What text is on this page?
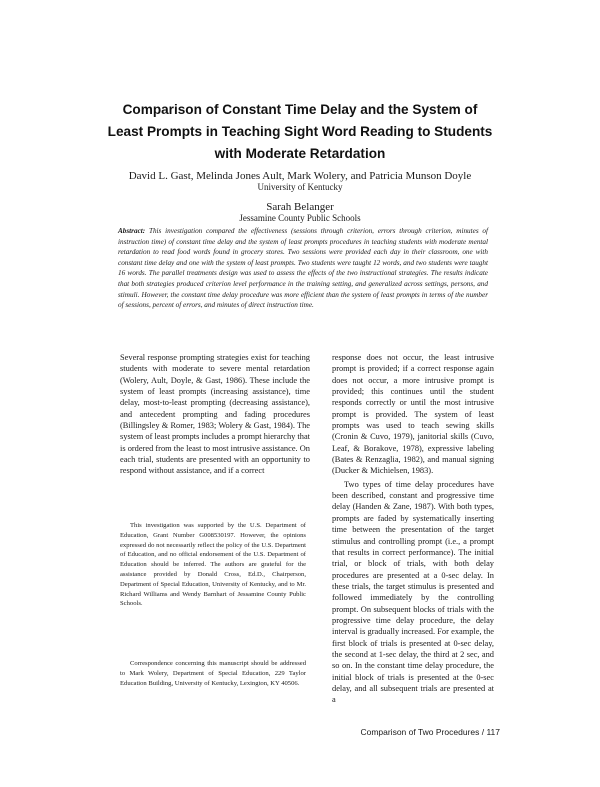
Comparison of Constant Time Delay and the System of
Least Prompts in Teaching Sight Word Reading to Students
with Moderate Retardation
David L. Gast, Melinda Jones Ault, Mark Wolery, and Patricia Munson Doyle
University of Kentucky
Sarah Belanger
Jessamine County Public Schools
Abstract: This investigation compared the effectiveness (sessions through criterion, errors through criterion, minutes of instruction time) of constant time delay and the system of least prompts procedures in teaching students with moderate mental retardation to read food words found in grocery stores. Two sessions were provided each day in their classroom, one with constant time delay and one with the system of least prompts. Two students were taught 12 words, and two students were taught 16 words. The parallel treatments design was used to assess the effects of the two instructional strategies. The results indicate that both strategies produced criterion level performance in the training setting, and generalized across settings, persons, and stimuli. However, the constant time delay procedure was more efficient than the system of least prompts in terms of the number of sessions, percent of errors, and minutes of direct instruction time.
Several response prompting strategies exist for teaching students with moderate to severe mental retardation (Wolery, Ault, Doyle, & Gast, 1986). These include the system of least prompts (increasing assistance), time delay, most-to-least prompting (decreasing assistance), and antecedent prompting and fading procedures (Billingsley & Romer, 1983; Wolery & Gast, 1984). The system of least prompts includes a prompt hierarchy that is ordered from the least to most intrusive assistance. On each trial, students are presented with an opportunity to respond without assistance, and if a correct
This investigation was supported by the U.S. Department of Education, Grant Number G008530197. However, the opinions expressed do not necessarily reflect the policy of the U.S. Department of Education, and no official endorsement of the U.S. Department of Education should be inferred. The authors are grateful for the assistance provided by Donald Cross, Ed.D., Chairperson, Department of Special Education, University of Kentucky, and to Mr. Richard Williams and Wendy Barnhart of Jessamine County Public Schools.
Correspondence concerning this manuscript should be addressed to Mark Wolery, Department of Special Education, 229 Taylor Education Building, University of Kentucky, Lexington, KY 40506.
response does not occur, the least intrusive prompt is provided; if a correct response again does not occur, a more intrusive prompt is provided; this continues until the student responds correctly or until the most intrusive prompt is provided. The system of least prompts was used to teach sewing skills (Cronin & Cuvo, 1979), janitorial skills (Cuvo, Leaf, & Borakove, 1978), expressive labeling (Bates & Renzaglia, 1982), and manual signing (Ducker & Michielsen, 1983).
Two types of time delay procedures have been described, constant and progressive time delay (Handen & Zane, 1987). With both types, prompts are faded by systematically inserting time between the presentation of the target stimulus and controlling prompt (i.e., a prompt that results in correct performance). The initial trial, or block of trials, with both delay procedures are presented at a 0-sec delay. In these trials, the target stimulus is presented and followed immediately by the controlling prompt. On subsequent blocks of trials with the progressive time delay procedure, the delay interval is gradually increased. For example, the first block of trials is presented at 0-sec delay, the second at 1-sec delay, the third at 2 sec, and so on. In the constant time delay procedure, the initial block of trials is presented at the 0-sec delay, and all subsequent trials are presented at a
Comparison of Two Procedures / 117
